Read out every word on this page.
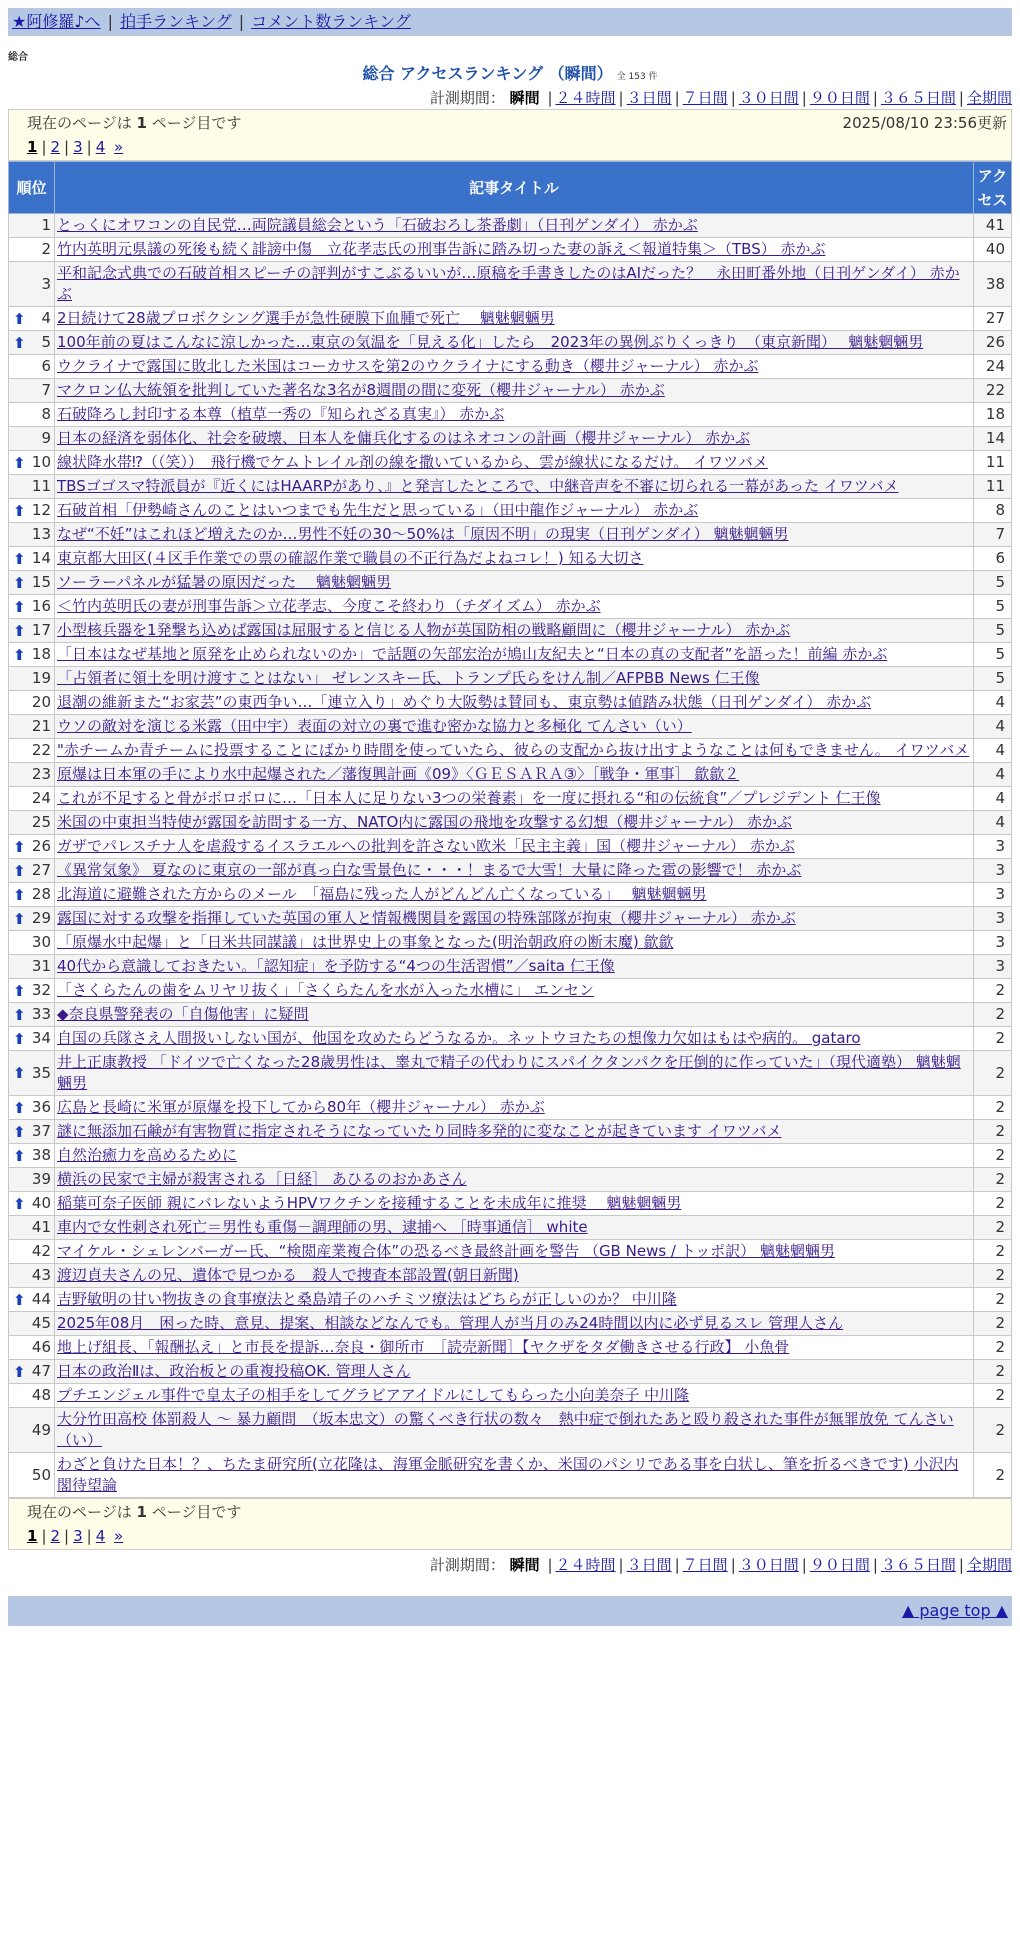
★阿修羅♪へ | 拍手ランキング | コメント数ランキング
総合
総合 アクセスランキング （瞬間） 全 153 件
計測期間： 瞬間 | ２４時間 | ３日間 | ７日間 | ３０日間 | ９０日間 | ３６５日間 | 全期間
現在のページは 1 ページ目です	2025/08/10 23:56更新
1 | 2 | 3 | 4 »
順位	記事タイトル	アクセス
1	とっくにオワコンの自民党…両院議員総会という「石破おろし茶番劇」（日刊ゲンダイ） 赤かぶ	41
2	竹内英明元県議の死後も続く誹謗中傷　立花孝志氏の刑事告訴に踏み切った妻の訴え＜報道特集＞（TBS） 赤かぶ	40
3	平和記念式典での石破首相スピーチの評判がすこぶるいいが…原稿を手書きしたのはAIだった？　永田町番外地（日刊ゲンダイ） 赤かぶ	38

⬆ 4	2日続けて28歳プロボクシング選手が急性硬膜下血腫で死亡　 魑魅魍魎男	27

⬆ 5	100年前の夏はこんなに涼しかった…東京の気温を「見える化」したら　2023年の異例ぶりくっきり　（東京新聞）　 魑魅魍魎男	26
6	ウクライナで露国に敗北した米国はコーカサスを第2のウクライナにする動き（櫻井ジャーナル） 赤かぶ	24
7	マクロン仏大統領を批判していた著名な3名が8週間の間に変死（櫻井ジャーナル） 赤かぶ	22
8	石破降ろし封印する本尊（植草一秀の『知られざる真実』） 赤かぶ	18
9	日本の経済を弱体化、社会を破壊、日本人を傭兵化するのはネオコンの計画（櫻井ジャーナル） 赤かぶ	14

⬆ 10	線状降水帯⁉（（笑））　飛行機でケムトレイル剤の線を撒いているから、雲が線状になるだけ。 イワツバメ	11
11	TBSゴゴスマ特派員が『近くにはHAARPがあり、』と発言したところで、中継音声を不審に切られる一幕があった イワツバメ	11

⬆ 12	石破首相「伊勢崎さんのことはいつまでも先生だと思っている」（田中龍作ジャーナル） 赤かぶ	8
13	なぜ“不妊”はこれほど増えたのか…男性不妊の30～50%は「原因不明」の現実（日刊ゲンダイ） 魑魅魍魎男	7

⬆ 14	東京都大田区(４区手作業での票の確認作業で職員の不正行為だよねコレ！) 知る大切さ	6

⬆ 15	ソーラーパネルが猛暑の原因だった　 魑魅魍魎男	5

⬆ 16	＜竹内英明氏の妻が刑事告訴＞立花孝志、今度こそ終わり（チダイズム） 赤かぶ	5

⬆ 17	小型核兵器を1発撃ち込めば露国は屈服すると信じる人物が英国防相の戦略顧問に（櫻井ジャーナル） 赤かぶ	5

⬆ 18	「日本はなぜ基地と原発を止められないのか」で話題の矢部宏治が鳩山友紀夫と“日本の真の支配者”を語った！前編 赤かぶ	5
19	「占領者に領土を明け渡すことはない」 ゼレンスキー氏、トランプ氏らをけん制／AFPBB News 仁王像	5
20	退潮の維新また“お家芸”の東西争い…「連立入り」めぐり大阪勢は賛同も、東京勢は値踏み状態（日刊ゲンダイ） 赤かぶ	4
21	ウソの敵対を演じる米露（田中宇）表面の対立の裏で進む密かな協力と多極化 てんさい（い）	4
22	"赤チームか青チームに投票することにばかり時間を使っていたら、彼らの支配から抜け出すようなことは何もできません。 イワツバメ	4
23	原爆は日本軍の手により水中起爆された／藩復興計画《09》〈ＧＥＳＡＲＡ③〉［戦争・軍事］ 歙歙２	4
24	これが不足すると骨がボロボロに…「日本人に足りない3つの栄養素」を一度に摂れる“和の伝統食”／プレジデント 仁王像	4
25	米国の中東担当特使が露国を訪問する一方、NATO内に露国の飛地を攻撃する幻想（櫻井ジャーナル） 赤かぶ	4

⬆ 26	ガザでパレスチナ人を虐殺するイスラエルへの批判を許さない欧米「民主主義」国（櫻井ジャーナル） 赤かぶ	3

⬆ 27	《異常気象》 夏なのに東京の一部が真っ白な雪景色に・・・！まるで大雪！大量に降った雹の影響で！ 赤かぶ	3

⬆ 28	北海道に避難された方からのメール　「福島に残った人がどんどん亡くなっている」　 魑魅魍魎男	3

⬆ 29	露国に対する攻撃を指揮していた英国の軍人と情報機関員を露国の特殊部隊が拘束（櫻井ジャーナル） 赤かぶ	3
30	「原爆水中起爆」と「日米共同謀議」は世界史上の事象となった(明治朝政府の断末魔) 歙歙	3
31	40代から意識しておきたい。「認知症」を予防する“4つの生活習慣”／saita 仁王像	3

⬆ 32	「さくらたんの歯をムリヤリ抜く」「さくらたんを水が入った水槽に」 エンセン	2

⬆ 33	◆奈良県警発表の「自傷他害」に疑問	2

⬆ 34	自国の兵隊さえ人間扱いしない国が、他国を攻めたらどうなるか。ネットウヨたちの想像力欠如はもはや病的。 gataro	2

⬆ 35	井上正康教授 「ドイツで亡くなった28歳男性は、睾丸で精子の代わりにスパイクタンパクを圧倒的に作っていた」（現代適塾） 魑魅魍魎男	2

⬆ 36	広島と長崎に米軍が原爆を投下してから80年（櫻井ジャーナル） 赤かぶ	2

⬆ 37	謎に無添加石鹸が有害物質に指定されそうになっていたり同時多発的に変なことが起きています イワツバメ	2

⬆ 38	自然治癒力を高めるために	2
39	横浜の民家で主婦が殺害される［日経］ あひるのおかあさん	2

⬆ 40	稲葉可奈子医師 親にバレないようHPVワクチンを接種することを未成年に推奨　 魑魅魍魎男	2
41	車内で女性刺され死亡＝男性も重傷－調理師の男、逮捕へ ［時事通信］ white	2
42	マイケル・シェレンバーガー氏、“検閲産業複合体”の恐るべき最終計画を警告 （GB News / トッポ訳） 魑魅魍魎男	2
43	渡辺貞夫さんの兄、遺体で見つかる　殺人で捜査本部設置(朝日新聞)	2

⬆ 44	吉野敏明の甘い物抜きの食事療法と桑島靖子のハチミツ療法はどちらが正しいのか？ 中川隆	2
45	2025年08月　困った時、意見、提案、相談などなんでも。管理人が当月のみ24時間以内に必ず見るスレ 管理人さん	2
46	地上げ組長、「報酬払え」と市長を提訴…奈良・御所市　［読売新聞］【ヤクザをタダ働きさせる行政】 小魚骨	2

⬆ 47	日本の政治Ⅱは、政治板との重複投稿OK. 管理人さん	2
48	プチエンジェル事件で皇太子の相手をしてグラビアアイドルにしてもらった小向美奈子 中川隆	2
49	大分竹田高校 体罰殺人 ～ 暴力顧問　（坂本忠文）の驚くべき行状の数々　熱中症で倒れたあと殴り殺された事件が無罪放免 てんさい（い）	2
50	わざと負けた日本！？、ちたま研究所(立花隆は、海軍金脈研究を書くか、米国のパシリである事を白状し、筆を折るべきです) 小沢内閣待望論	2
現在のページは 1 ページ目です
1 | 2 | 3 | 4 »
計測期間： 瞬間 | ２４時間 | ３日間 | ７日間 | ３０日間 | ９０日間 | ３６５日間 | 全期間
▲ page top ▲
